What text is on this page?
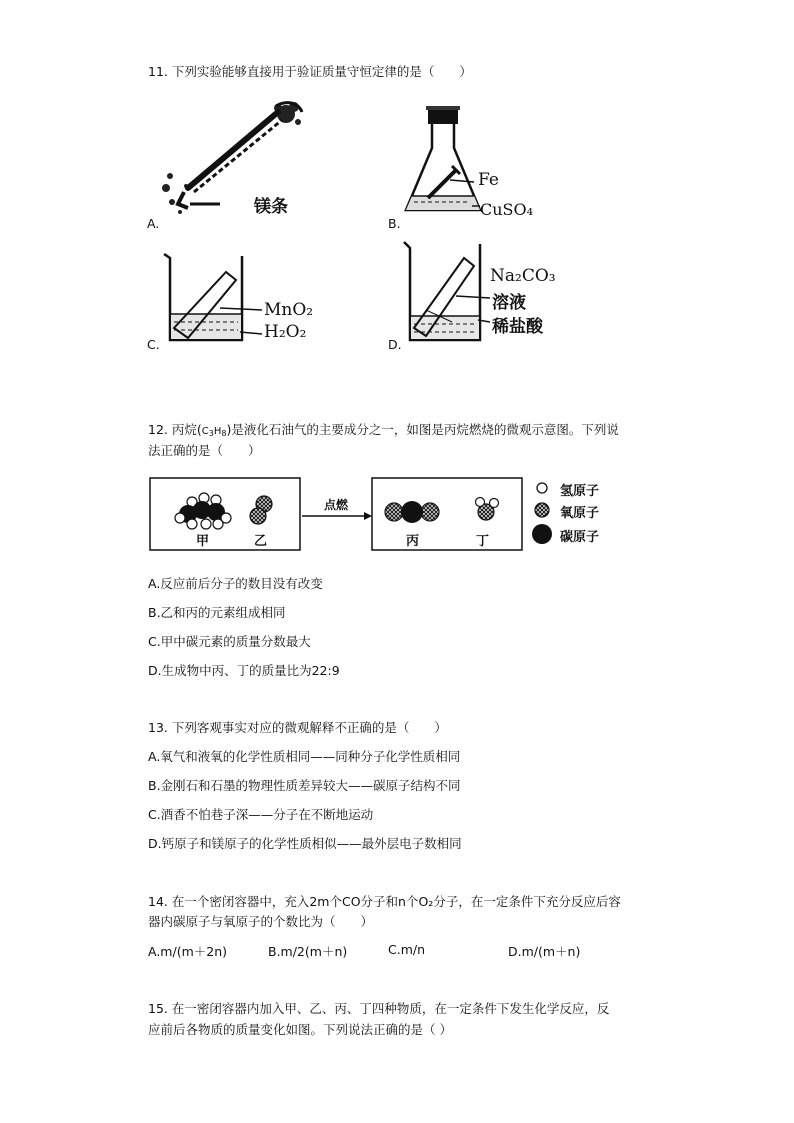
11. 下列实验能够直接用于验证质量守恒定律的是（　　）
镁条
A.
Fe
CuSO₄
B.
MnO₂
H₂O₂
C.
Na₂CO₃
溶液
稀盐酸
D.
12. 丙烷$(C_3H_8)$是液化石油气的主要成分之一，如图是丙烷燃烧的微观示意图。下列说
法正确的是（　　）
点燃
甲	乙	丙	丁
氢原子
氧原子
碳原子
A.反应前后分子的数目没有改变
B.乙和丙的元素组成相同
C.甲中碳元素的质量分数最大
D.生成物中丙、丁的质量比为22:9
13. 下列客观事实对应的微观解释不正确的是（　　）
A.氧气和液氧的化学性质相同——同种分子化学性质相同
B.金刚石和石墨的物理性质差异较大——碳原子结构不同
C.酒香不怕巷子深——分子在不断地运动
D.钙原子和镁原子的化学性质相似——最外层电子数相同
14. 在一个密闭容器中，充入2m个CO分子和n个O₂分子，在一定条件下充分反应后容
器内碳原子与氧原子的个数比为（　　）
A.m/(m＋2n)	B.m/2(m＋n)	C.m/n	D.m/(m＋n)
15. 在一密闭容器内加入甲、乙、丙、丁四种物质，在一定条件下发生化学反应，反
应前后各物质的质量变化如图。下列说法正确的是（ ）
